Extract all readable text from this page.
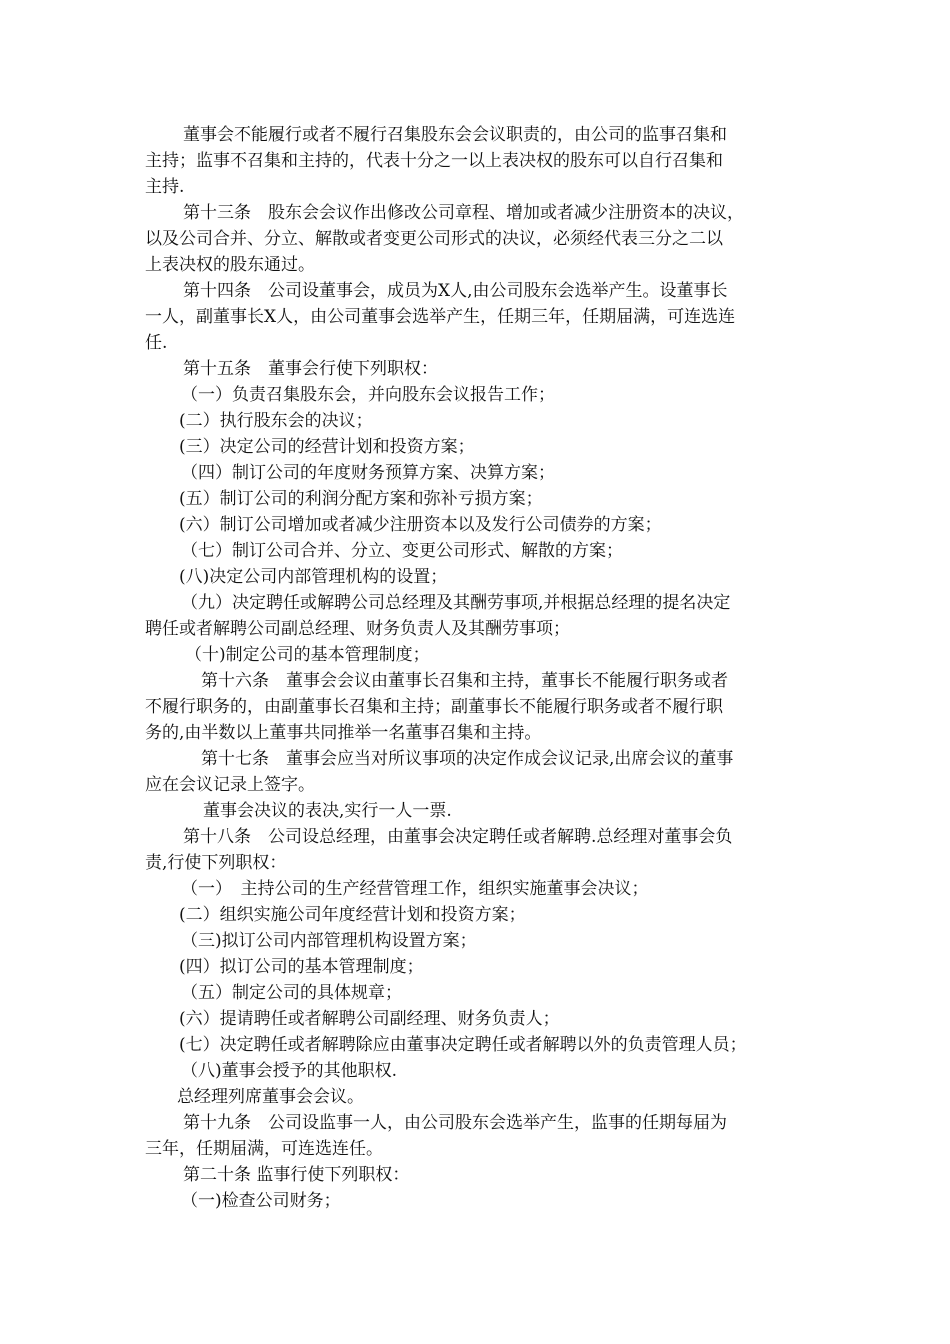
董事会不能履行或者不履行召集股东会会议职责的，由公司的监事召集和
主持；监事不召集和主持的，代表十分之一以上表决权的股东可以自行召集和
主持.
第十三条　股东会会议作出修改公司章程、增加或者减少注册资本的决议，
以及公司合并、分立、解散或者变更公司形式的决议，必须经代表三分之二以
上表决权的股东通过。
第十四条　公司设董事会，成员为X人,由公司股东会选举产生。设董事长
一人，副董事长X人，由公司董事会选举产生，任期三年，任期届满，可连选连
任.
第十五条　董事会行使下列职权：
（一）负责召集股东会，并向股东会议报告工作；
(二）执行股东会的决议；
(三）决定公司的经营计划和投资方案；
（四）制订公司的年度财务预算方案、决算方案；
(五）制订公司的利润分配方案和弥补亏损方案；
(六）制订公司增加或者减少注册资本以及发行公司债券的方案；
（七）制订公司合并、分立、变更公司形式、解散的方案；
(八)决定公司内部管理机构的设置；
（九）决定聘任或解聘公司总经理及其酬劳事项,并根据总经理的提名决定
聘任或者解聘公司副总经理、财务负责人及其酬劳事项；
（十)制定公司的基本管理制度；
第十六条　董事会会议由董事长召集和主持，董事长不能履行职务或者
不履行职务的，由副董事长召集和主持；副董事长不能履行职务或者不履行职
务的,由半数以上董事共同推举一名董事召集和主持。
第十七条　董事会应当对所议事项的决定作成会议记录,出席会议的董事
应在会议记录上签字。
董事会决议的表决,实行一人一票.
第十八条　公司设总经理，由董事会决定聘任或者解聘.总经理对董事会负
责,行使下列职权：
（一）　主持公司的生产经营管理工作，组织实施董事会决议；
(二）组织实施公司年度经营计划和投资方案；
（三)拟订公司内部管理机构设置方案；
(四）拟订公司的基本管理制度；
（五）制定公司的具体规章；
(六）提请聘任或者解聘公司副经理、财务负责人；
(七）决定聘任或者解聘除应由董事决定聘任或者解聘以外的负责管理人员；
（八)董事会授予的其他职权.
总经理列席董事会会议。
第十九条　公司设监事一人，由公司股东会选举产生，监事的任期每届为
三年，任期届满，可连选连任。
第二十条 监事行使下列职权：
（一)检查公司财务；
